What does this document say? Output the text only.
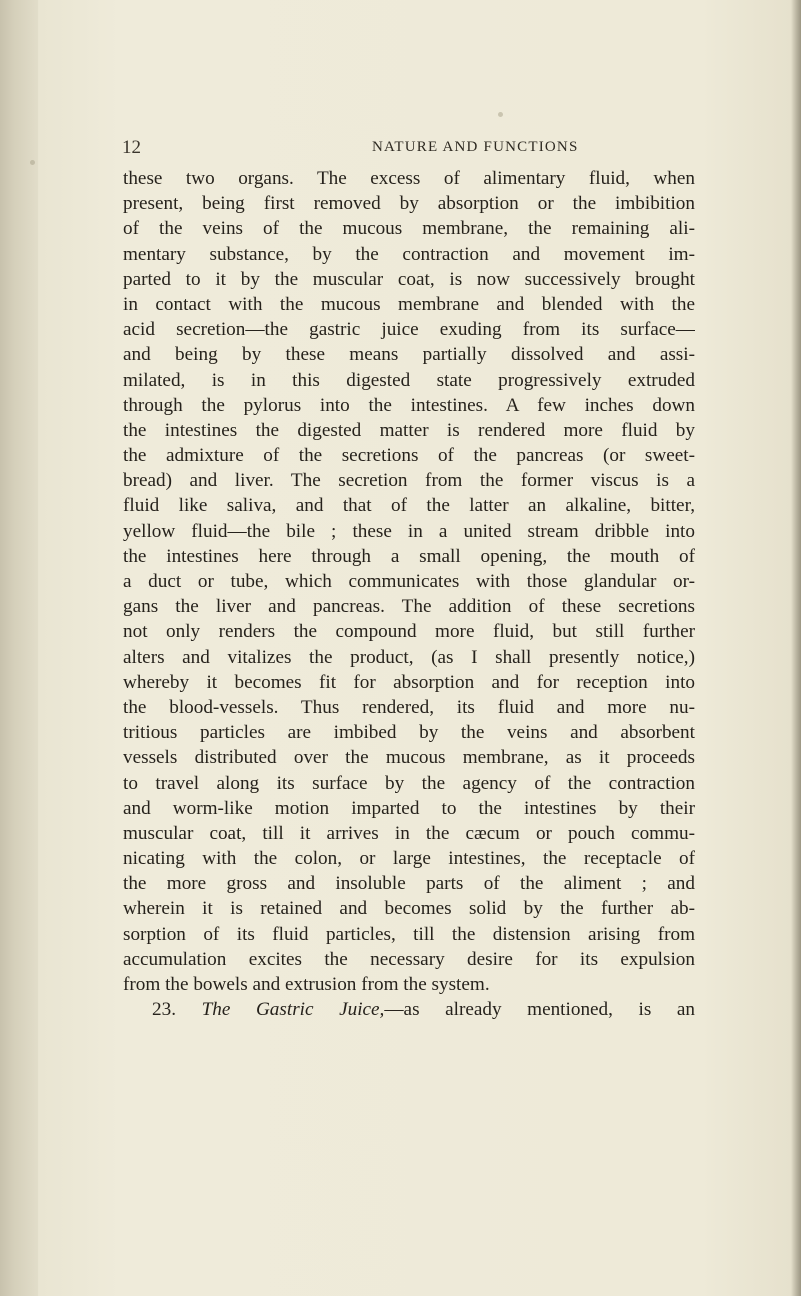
12	NATURE AND FUNCTIONS
these two organs. The excess of alimentary fluid, when
present, being first removed by absorption or the imbibition
of the veins of the mucous membrane, the remaining ali-
mentary substance, by the contraction and movement im-
parted to it by the muscular coat, is now successively brought
in contact with the mucous membrane and blended with the
acid secretion—the gastric juice exuding from its surface—
and being by these means partially dissolved and assi-
milated, is in this digested state progressively extruded
through the pylorus into the intestines. A few inches down
the intestines the digested matter is rendered more fluid by
the admixture of the secretions of the pancreas (or sweet-
bread) and liver. The secretion from the former viscus is a
fluid like saliva, and that of the latter an alkaline, bitter,
yellow fluid—the bile ; these in a united stream dribble into
the intestines here through a small opening, the mouth of
a duct or tube, which communicates with those glandular or-
gans the liver and pancreas. The addition of these secretions
not only renders the compound more fluid, but still further
alters and vitalizes the product, (as I shall presently notice,)
whereby it becomes fit for absorption and for reception into
the blood-vessels. Thus rendered, its fluid and more nu-
tritious particles are imbibed by the veins and absorbent
vessels distributed over the mucous membrane, as it proceeds
to travel along its surface by the agency of the contraction
and worm-like motion imparted to the intestines by their
muscular coat, till it arrives in the cæcum or pouch commu-
nicating with the colon, or large intestines, the receptacle of
the more gross and insoluble parts of the aliment ; and
wherein it is retained and becomes solid by the further ab-
sorption of its fluid particles, till the distension arising from
accumulation excites the necessary desire for its expulsion
from the bowels and extrusion from the system.
23. The Gastric Juice,—as already mentioned, is an
